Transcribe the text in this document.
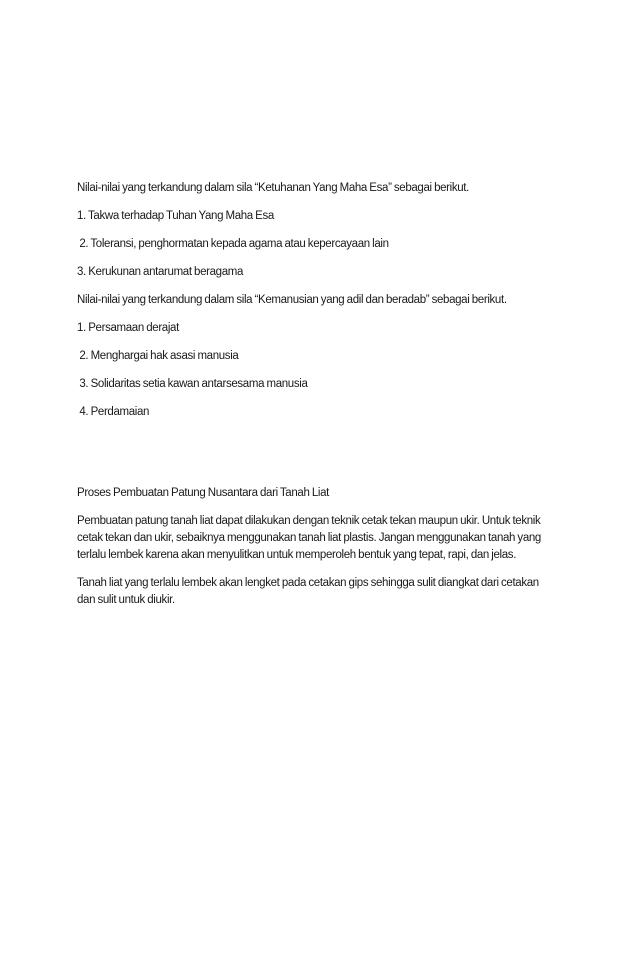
Nilai-nilai yang terkandung dalam sila “Ketuhanan Yang Maha Esa” sebagai berikut.

1. Takwa terhadap Tuhan Yang Maha Esa

2. Toleransi, penghormatan kepada agama atau kepercayaan lain

3. Kerukunan antarumat beragama

Nilai-nilai yang terkandung dalam sila “Kemanusian yang adil dan beradab” sebagai berikut.

1. Persamaan derajat

2. Menghargai hak asasi manusia

3. Solidaritas setia kawan antarsesama manusia

4. Perdamaian

Proses Pembuatan Patung Nusantara dari Tanah Liat

Pembuatan patung tanah liat dapat dilakukan dengan teknik cetak tekan maupun ukir. Untuk teknik cetak tekan dan ukir, sebaiknya menggunakan tanah liat plastis. Jangan menggunakan tanah yang terlalu lembek karena akan menyulitkan untuk memperoleh bentuk yang tepat, rapi, dan jelas.

Tanah liat yang terlalu lembek akan lengket pada cetakan gips sehingga sulit diangkat dari cetakan dan sulit untuk diukir.
